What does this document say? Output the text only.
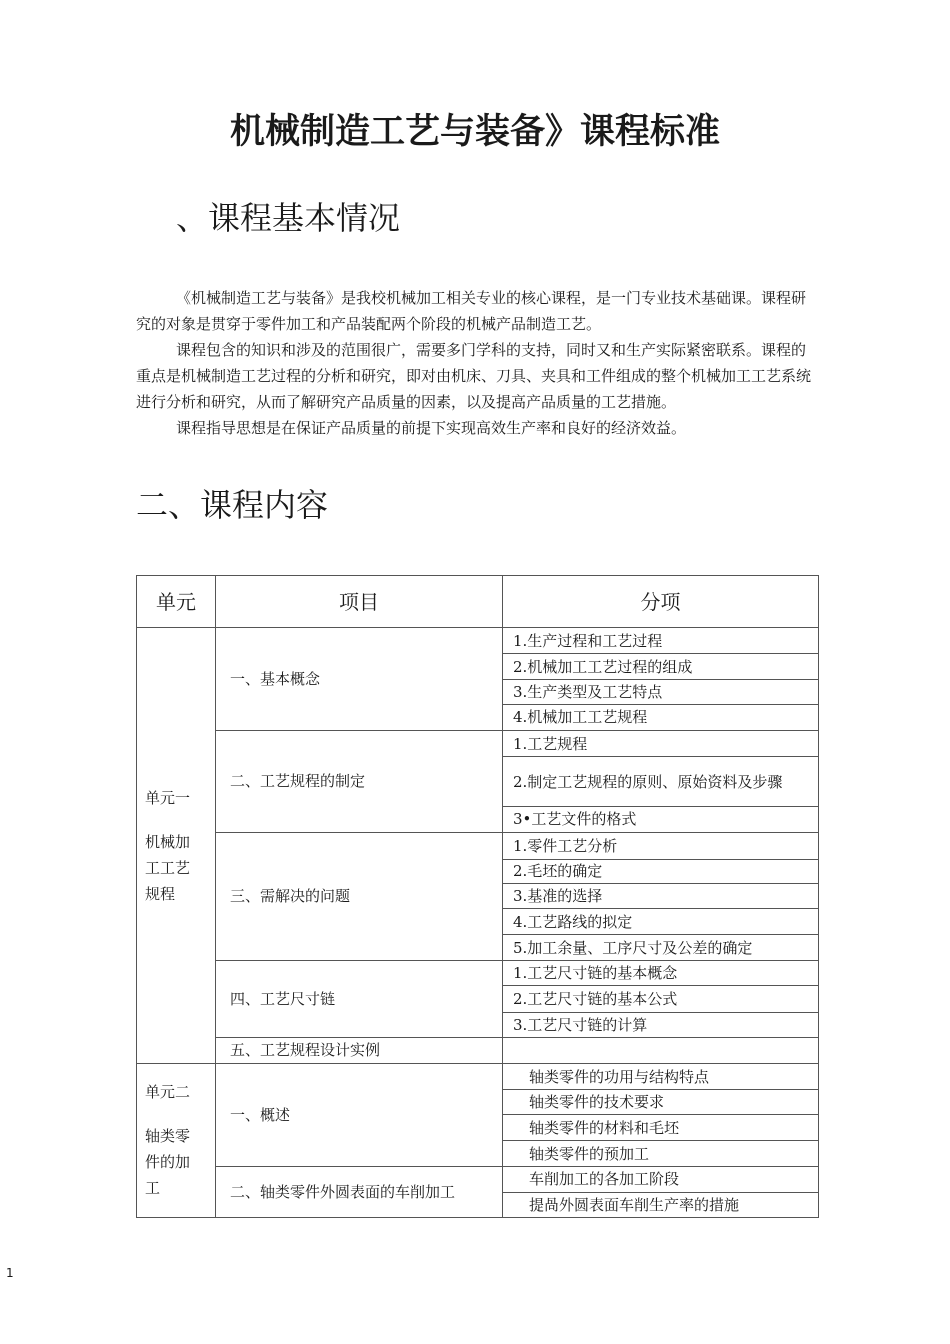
机械制造工艺与装备》课程标准
、课程基本情况

《机械制造工艺与装备》是我校机械加工相关专业的核心课程，是一门专业技术基础课。课程研究的对象是贯穿于零件加工和产品装配两个阶段的机械产品制造工艺。

课程包含的知识和涉及的范围很广，需要多门学科的支持，同时又和生产实际紧密联系。课程的重点是机械制造工艺过程的分析和研究，即对由机床、刀具、夹具和工件组成的整个机械加工工艺系统进行分析和研究，从而了解研究产品质量的因素，以及提高产品质量的工艺措施。

课程指导思想是在保证产品质量的前提下实现高效生产率和良好的经济效益。

二、课程内容
单元	项目	分项

单元一
机械加
工工艺
规程	一、基本概念	1.生产过程和工艺过程
		2.机械加工工艺过程的组成
		3.生产类型及工艺特点
		4.机械加工工艺规程
	二、工艺规程的制定	1.工艺规程
		2.制定工艺规程的原则、原始资料及步骤
		3•工艺文件的格式
	三、需解决的问题	1.零件工艺分析
		2.毛坯的确定
		3.基准的选择
		4.工艺路线的拟定
		5.加工余量、工序尺寸及公差的确定
	四、工艺尺寸链	1.工艺尺寸链的基本概念
		2.工艺尺寸链的基本公式
		3.工艺尺寸链的计算
	五、工艺规程设计实例	

单元二
轴类零
件的加
工	一、概述	轴类零件的功用与结构特点
		轴类零件的技术要求
		轴类零件的材料和毛坯
		轴类零件的预加工
	二、轴类零件外圆表面的车削加工	车削加工的各加工阶段
		提咼外圆表面车削生产率的措施
1
